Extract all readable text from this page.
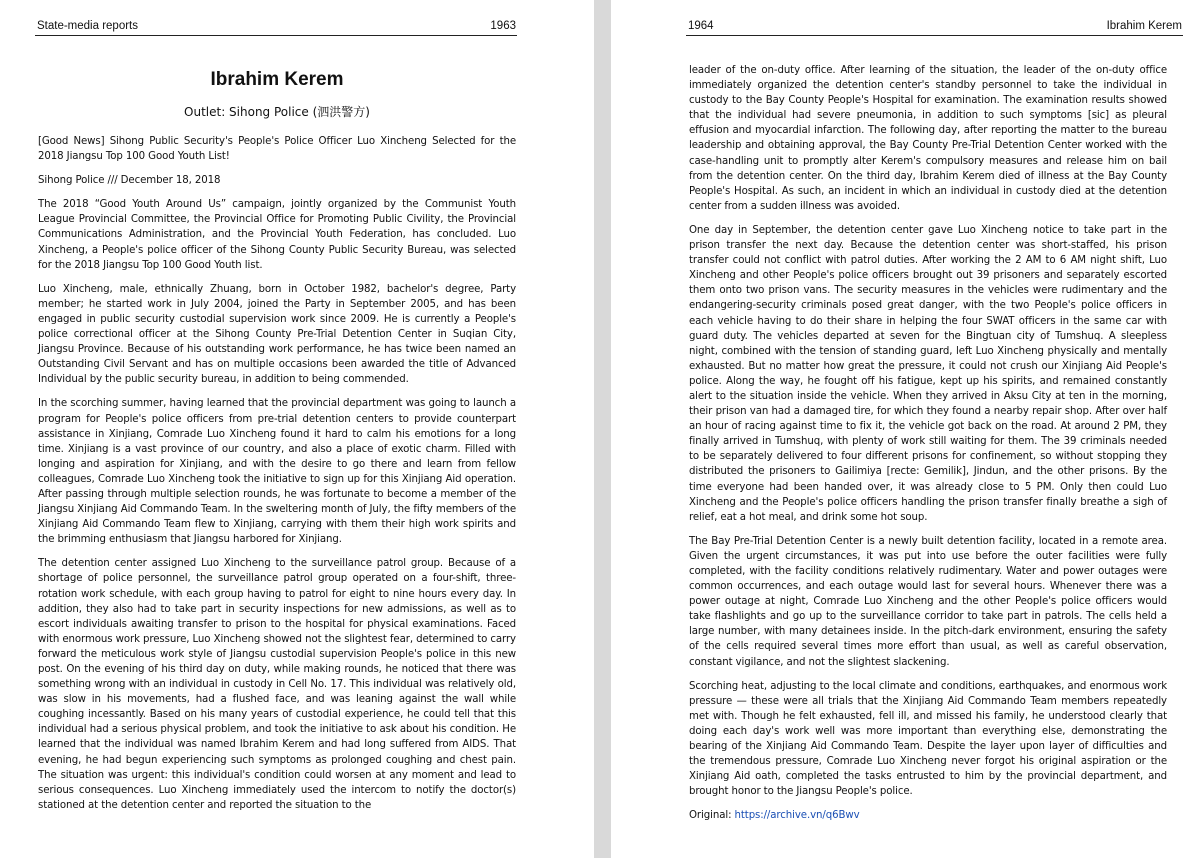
State-media reports	1963
Ibrahim Kerem
Outlet: Sihong Police (泗洪警方)

[Good News] Sihong Public Security's People's Police Officer Luo Xincheng Selected for the 2018 Jiangsu Top 100 Good Youth List!

Sihong Police /// December 18, 2018

The 2018 “Good Youth Around Us” campaign, jointly organized by the Communist Youth League Provincial Committee, the Provincial Office for Promoting Public Civility, the Provincial Communications Administration, and the Provincial Youth Federation, has concluded. Luo Xincheng, a People's police officer of the Sihong County Public Security Bureau, was selected for the 2018 Jiangsu Top 100 Good Youth list.

Luo Xincheng, male, ethnically Zhuang, born in October 1982, bachelor's degree, Party member; he started work in July 2004, joined the Party in September 2005, and has been engaged in public security custodial supervision work since 2009. He is currently a People's police correctional officer at the Sihong County Pre-Trial Detention Center in Suqian City, Jiangsu Province. Because of his outstanding work performance, he has twice been named an Outstanding Civil Servant and has on multiple occasions been awarded the title of Advanced Individual by the public security bureau, in addition to being commended.

In the scorching summer, having learned that the provincial department was going to launch a program for People's police officers from pre-trial detention centers to provide counterpart assistance in Xinjiang, Comrade Luo Xincheng found it hard to calm his emotions for a long time. Xinjiang is a vast province of our country, and also a place of exotic charm. Filled with longing and aspiration for Xinjiang, and with the desire to go there and learn from fellow colleagues, Comrade Luo Xincheng took the initiative to sign up for this Xinjiang Aid operation. After passing through multiple selection rounds, he was fortunate to become a member of the Jiangsu Xinjiang Aid Commando Team. In the sweltering month of July, the fifty members of the Xinjiang Aid Commando Team flew to Xinjiang, carrying with them their high work spirits and the brimming enthusiasm that Jiangsu harbored for Xinjiang.

The detention center assigned Luo Xincheng to the surveillance patrol group. Because of a shortage of police personnel, the surveillance patrol group operated on a four-shift, three-rotation work schedule, with each group having to patrol for eight to nine hours every day. In addition, they also had to take part in security inspections for new admissions, as well as to escort individuals awaiting transfer to prison to the hospital for physical examinations. Faced with enormous work pressure, Luo Xincheng showed not the slightest fear, determined to carry forward the meticulous work style of Jiangsu custodial supervision People's police in this new post. On the evening of his third day on duty, while making rounds, he noticed that there was something wrong with an individual in custody in Cell No. 17. This individual was relatively old, was slow in his movements, had a flushed face, and was leaning against the wall while coughing incessantly. Based on his many years of custodial experience, he could tell that this individual had a serious physical problem, and took the initiative to ask about his condition. He learned that the individual was named Ibrahim Kerem and had long suffered from AIDS. That evening, he had begun experiencing such symptoms as prolonged coughing and chest pain. The situation was urgent: this individual's condition could worsen at any moment and lead to serious consequences. Luo Xincheng immediately used the intercom to notify the doctor(s) stationed at the detention center and reported the situation to the

1964	Ibrahim Kerem

leader of the on-duty office. After learning of the situation, the leader of the on-duty office immediately organized the detention center's standby personnel to take the individual in custody to the Bay County People's Hospital for examination. The examination results showed that the individual had severe pneumonia, in addition to such symptoms [sic] as pleural effusion and myocardial infarction. The following day, after reporting the matter to the bureau leadership and obtaining approval, the Bay County Pre-Trial Detention Center worked with the case-handling unit to promptly alter Kerem's compulsory measures and release him on bail from the detention center. On the third day, Ibrahim Kerem died of illness at the Bay County People's Hospital. As such, an incident in which an individual in custody died at the detention center from a sudden illness was avoided.

One day in September, the detention center gave Luo Xincheng notice to take part in the prison transfer the next day. Because the detention center was short-staffed, his prison transfer could not conflict with patrol duties. After working the 2 AM to 6 AM night shift, Luo Xincheng and other People's police officers brought out 39 prisoners and separately escorted them onto two prison vans. The security measures in the vehicles were rudimentary and the endangering-security criminals posed great danger, with the two People's police officers in each vehicle having to do their share in helping the four SWAT officers in the same car with guard duty. The vehicles departed at seven for the Bingtuan city of Tumshuq. A sleepless night, combined with the tension of standing guard, left Luo Xincheng physically and mentally exhausted. But no matter how great the pressure, it could not crush our Xinjiang Aid People's police. Along the way, he fought off his fatigue, kept up his spirits, and remained constantly alert to the situation inside the vehicle. When they arrived in Aksu City at ten in the morning, their prison van had a damaged tire, for which they found a nearby repair shop. After over half an hour of racing against time to fix it, the vehicle got back on the road. At around 2 PM, they finally arrived in Tumshuq, with plenty of work still waiting for them. The 39 criminals needed to be separately delivered to four different prisons for confinement, so without stopping they distributed the prisoners to Gailimiya [recte: Gemilik], Jindun, and the other prisons. By the time everyone had been handed over, it was already close to 5 PM. Only then could Luo Xincheng and the People's police officers handling the prison transfer finally breathe a sigh of relief, eat a hot meal, and drink some hot soup.

The Bay Pre-Trial Detention Center is a newly built detention facility, located in a remote area. Given the urgent circumstances, it was put into use before the outer facilities were fully completed, with the facility conditions relatively rudimentary. Water and power outages were common occurrences, and each outage would last for several hours. Whenever there was a power outage at night, Comrade Luo Xincheng and the other People's police officers would take flashlights and go up to the surveillance corridor to take part in patrols. The cells held a large number, with many detainees inside. In the pitch-dark environment, ensuring the safety of the cells required several times more effort than usual, as well as careful observation, constant vigilance, and not the slightest slackening.

Scorching heat, adjusting to the local climate and conditions, earthquakes, and enormous work pressure — these were all trials that the Xinjiang Aid Commando Team members repeatedly met with. Though he felt exhausted, fell ill, and missed his family, he understood clearly that doing each day's work well was more important than everything else, demonstrating the bearing of the Xinjiang Aid Commando Team. Despite the layer upon layer of difficulties and the tremendous pressure, Comrade Luo Xincheng never forgot his original aspiration or the Xinjiang Aid oath, completed the tasks entrusted to him by the provincial department, and brought honor to the Jiangsu People's police.

Original: https://archive.vn/q6Bwv
